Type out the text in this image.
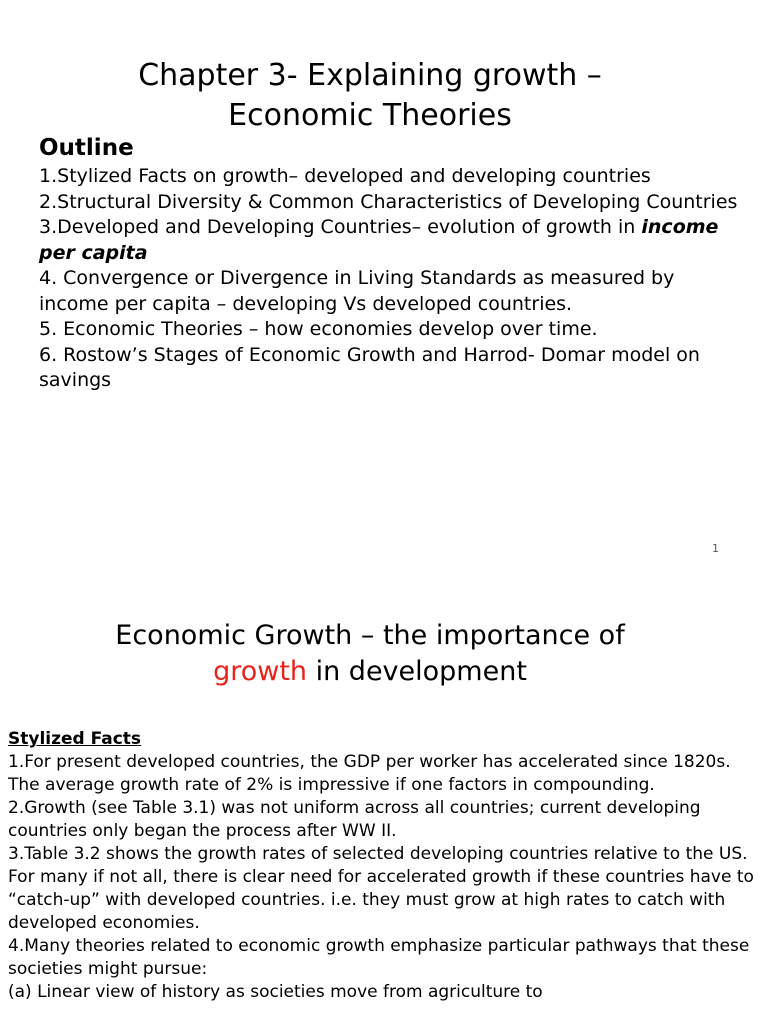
Chapter 3- Explaining growth –
Economic Theories
Outline

1.Stylized Facts on growth– developed and developing countries

2.Structural Diversity & Common Characteristics of Developing Countries

3.Developed and Developing Countries– evolution of growth in income per capita

4. Convergence or Divergence in Living Standards as measured by income per capita – developing Vs developed countries.

5. Economic Theories – how economies develop over time.

6. Rostow’s Stages of Economic Growth and Harrod- Domar model on savings

1
Economic Growth – the importance of
growth in development
Stylized Facts

1.For present developed countries, the GDP per worker has accelerated since 1820s. The average growth rate of 2% is impressive if one factors in compounding.

2.Growth (see Table 3.1) was not uniform across all countries; current developing countries only began the process after WW II.

3.Table 3.2 shows the growth rates of selected developing countries relative to the US. For many if not all, there is clear need for accelerated growth if these countries have to “catch-up” with developed countries. i.e. they must grow at high rates to catch with developed economies.

4.Many theories related to economic growth emphasize particular pathways that these societies might pursue:

(a) Linear view of history as societies move from agriculture to
